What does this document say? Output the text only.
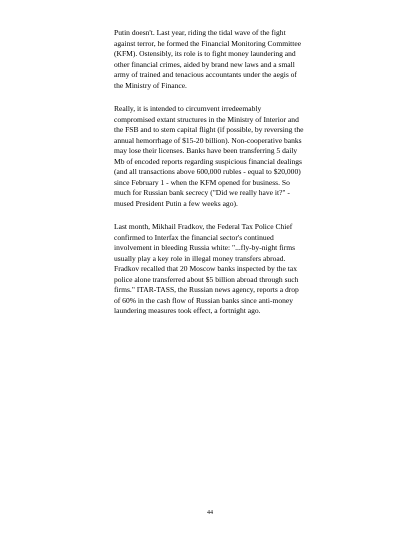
Putin doesn't. Last year, riding the tidal wave of the fight against terror, he formed the Financial Monitoring Committee (KFM). Ostensibly, its role is to fight money laundering and other financial crimes, aided by brand new laws and a small army of trained and tenacious accountants under the aegis of the Ministry of Finance.

Really, it is intended to circumvent irredeemably compromised extant structures in the Ministry of Interior and the FSB and to stem capital flight (if possible, by reversing the annual hemorrhage of $15-20 billion). Non-cooperative banks may lose their licenses. Banks have been transferring 5 daily Mb of encoded reports regarding suspicious financial dealings (and all transactions above 600,000 rubles - equal to $20,000) since February 1 - when the KFM opened for business. So much for Russian bank secrecy ("Did we really have it?" - mused President Putin a few weeks ago).

Last month, Mikhail Fradkov, the Federal Tax Police Chief confirmed to Interfax the financial sector's continued involvement in bleeding Russia white: "...fly-by-night firms usually play a key role in illegal money transfers abroad. Fradkov recalled that 20 Moscow banks inspected by the tax police alone transferred about $5 billion abroad through such firms." ITAR-TASS, the Russian news agency, reports a drop of 60% in the cash flow of Russian banks since anti-money laundering measures took effect, a fortnight ago.

44
